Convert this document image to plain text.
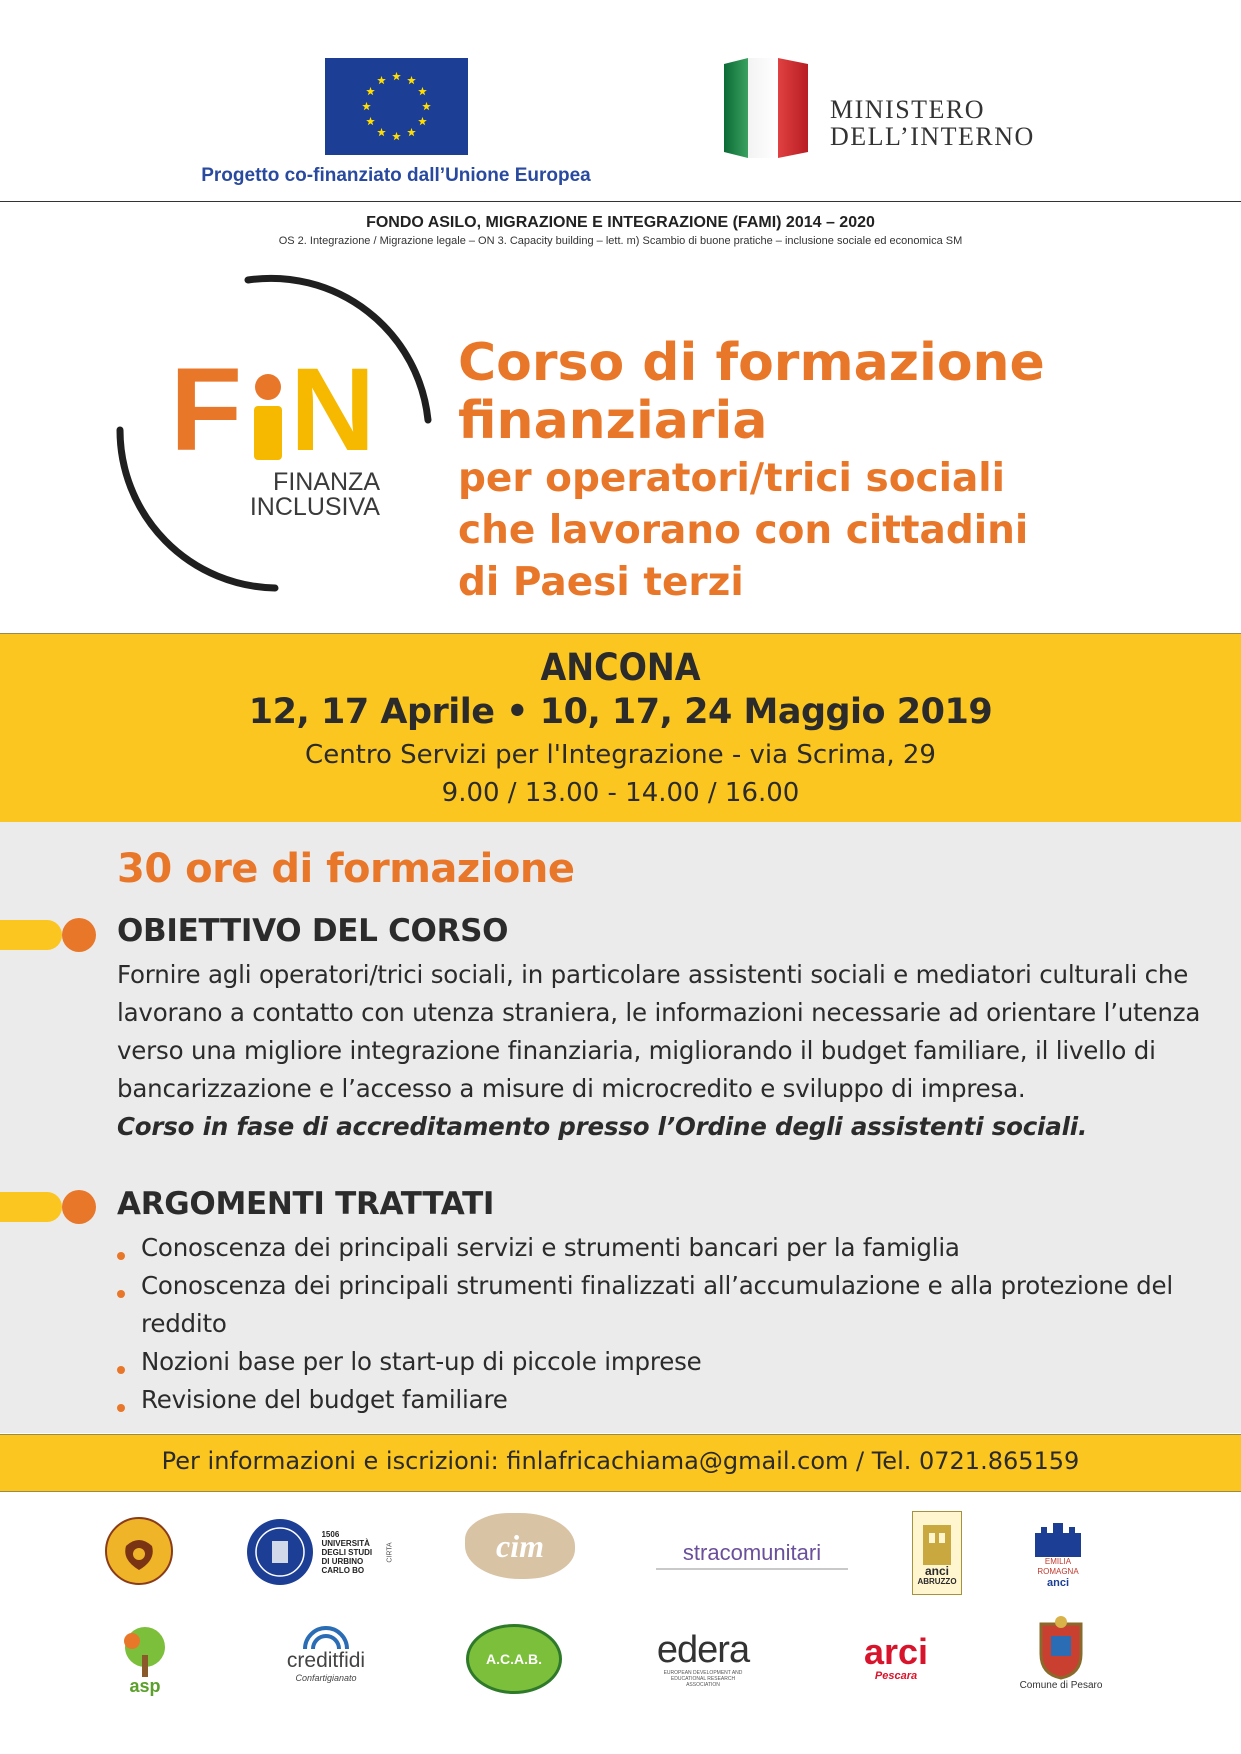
Progetto co-finanziato dall’Unione Europea
MINISTERO
DELL’INTERNO
FONDO ASILO, MIGRAZIONE E INTEGRAZIONE (FAMI) 2014 – 2020
OS 2. Integrazione / Migrazione legale – ON 3. Capacity building – lett. m) Scambio di buone pratiche – inclusione sociale ed economica SM
F N
FINANZA
INCLUSIVA
Corso di formazione
finanziaria
per operatori/trici sociali
che lavorano con cittadini
di Paesi terzi
ANCONA
12, 17 Aprile • 10, 17, 24 Maggio 2019
Centro Servizi per l'Integrazione - via Scrima, 29
9.00 / 13.00 - 14.00 / 16.00
30 ore di formazione
OBIETTIVO DEL CORSO
Fornire agli operatori/trici sociali, in particolare assistenti sociali e mediatori culturali che lavorano a contatto con utenza straniera, le informazioni necessarie ad orientare l’utenza verso una migliore integrazione finanziaria, migliorando il budget familiare, il livello di bancarizzazione e l’accesso a misure di microcredito e sviluppo di impresa.
Corso in fase di accreditamento presso l’Ordine degli assistenti sociali.
ARGOMENTI TRATTATI
Conoscenza dei principali servizi e strumenti bancari per la famiglia
Conoscenza dei principali strumenti finalizzati all’accumulazione e alla protezione del reddito
Nozioni base per lo start-up di piccole imprese
Revisione del budget familiare
Per informazioni e iscrizioni: finlafricachiama@gmail.com / Tel. 0721.865159
1506
UNIVERSITÀ
DEGLI STUDI
DI URBINO
CARLO BO
CIRTA	cim	stracomunitari
anci
ABRUZZO
EMILIA
ROMAGNA
anci
asp
creditfidi
Confartigianato
A.C.A.B.	edera
EUROPEAN DEVELOPMENT AND EDUCATIONAL RESEARCH ASSOCIATION
arci
Pescara
Comune di Pesaro
